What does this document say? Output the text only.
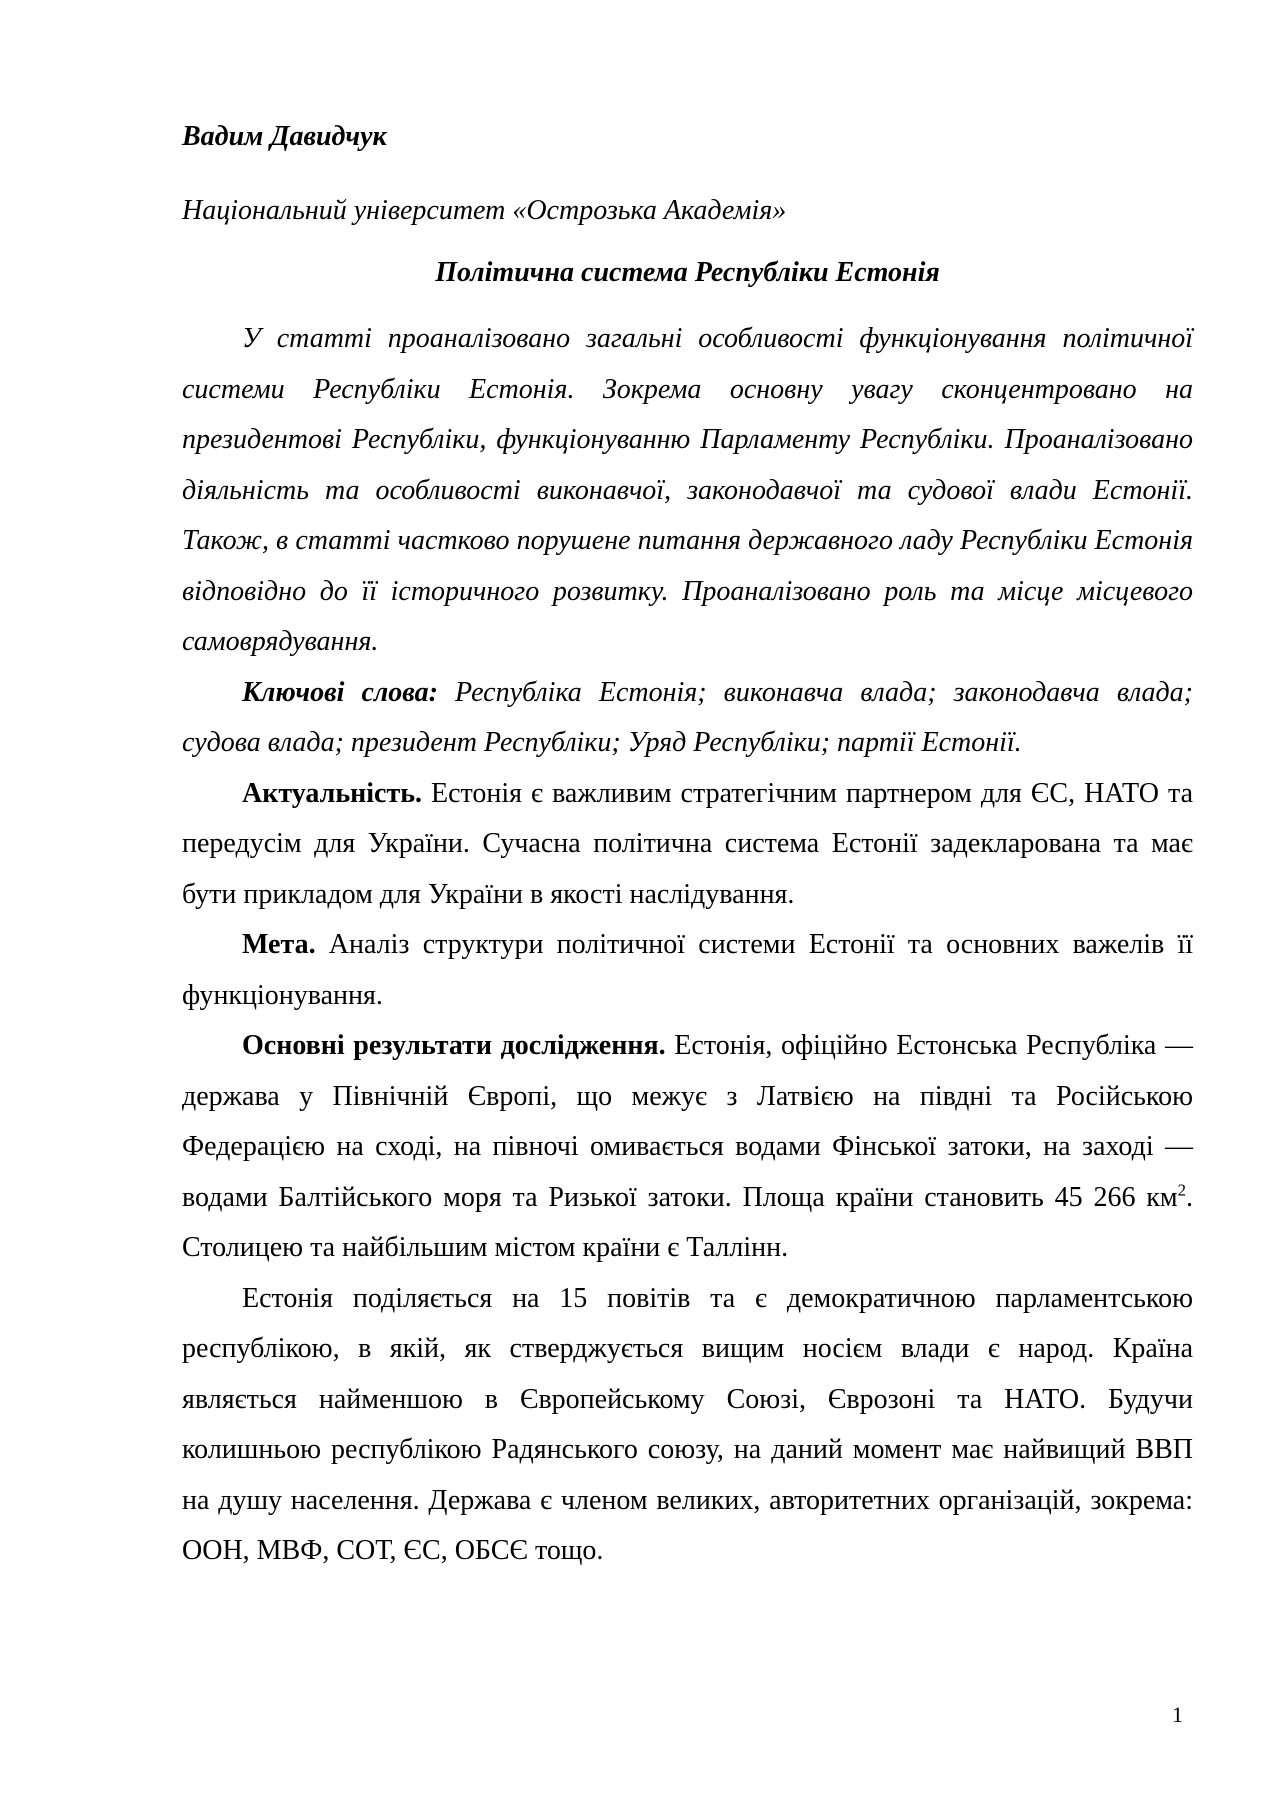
Вадим Давидчук

Національний університет «Острозька Академія»

Політична система Республіки Естонія

У статті проаналізовано загальні особливості функціонування політичної системи Республіки Естонія. Зокрема основну увагу сконцентровано на президентові Республіки, функціонуванню Парламенту Республіки. Проаналізовано діяльність та особливості виконавчої, законодавчої та судової влади Естонії. Також, в статті частково порушене питання державного ладу Республіки Естонія відповідно до її історичного розвитку. Проаналізовано роль та місце місцевого самоврядування.

Ключові слова: Республіка Естонія; виконавча влада; законодавча влада; судова влада; президент Республіки; Уряд Республіки; партії Естонії.

Актуальність. Естонія є важливим стратегічним партнером для ЄС, НАТО та передусім для України. Сучасна політична система Естонії задекларована та має бути прикладом для України в якості наслідування.

Мета. Аналіз структури політичної системи Естонії та основних важелів її функціонування.

Основні результати дослідження. Естонія, офіційно Естонська Республіка — держава у Північній Європі, що межує з Латвією на півдні та Російською Федерацією на сході, на півночі омивається водами Фінської затоки, на заході — водами Балтійського моря та Ризької затоки. Площа країни становить 45 266 $км^2$. Столицею та найбільшим містом країни є Таллінн.

Естонія поділяється на 15 повітів та є демократичною парламентською республікою, в якій, як стверджується вищим носієм влади є народ. Країна являється найменшою в Європейському Союзі, Єврозоні та НАТО. Будучи колишньою республікою Радянського союзу, на даний момент має найвищий ВВП на душу населення. Держава є членом великих, авторитетних організацій, зокрема: ООН, МВФ, СОТ, ЄС, ОБСЄ тощо.

1
